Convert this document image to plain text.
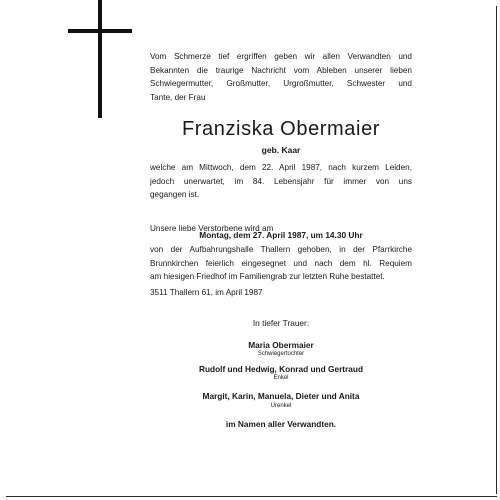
Vom Schmerze tief ergriffen geben wir allen Verwandten und
Bekannten die traurige Nachricht vom Ableben unserer lieben
Schwiegermutter, Großmutter, Urgroßmutter, Schwester und
Tante, der Frau
Franziska Obermaier
geb. Kaar
welche am Mittwoch, dem 22. April 1987, nach kurzem Leiden,
jedoch unerwartet, im 84. Lebensjahr für immer von uns
gegangen ist.
Unsere liebe Verstorbene wird am
Montag, dem 27. April 1987, um 14.30 Uhr
von der Aufbahrungshalle Thallern gehoben, in der Pfarrkirche
Brunnkirchen feierlich eingesegnet und nach dem hl. Requiem
am hiesigen Friedhof im Familiengrab zur letzten Ruhe bestattet.
3511 Thallern 61, im April 1987
In tiefer Trauer:
Maria Obermaier
Schwiegertochter
Rudolf und Hedwig, Konrad und Gertraud
Enkel
Margit, Karin, Manuela, Dieter und Anita
Urenkel
im Namen aller Verwandten.
